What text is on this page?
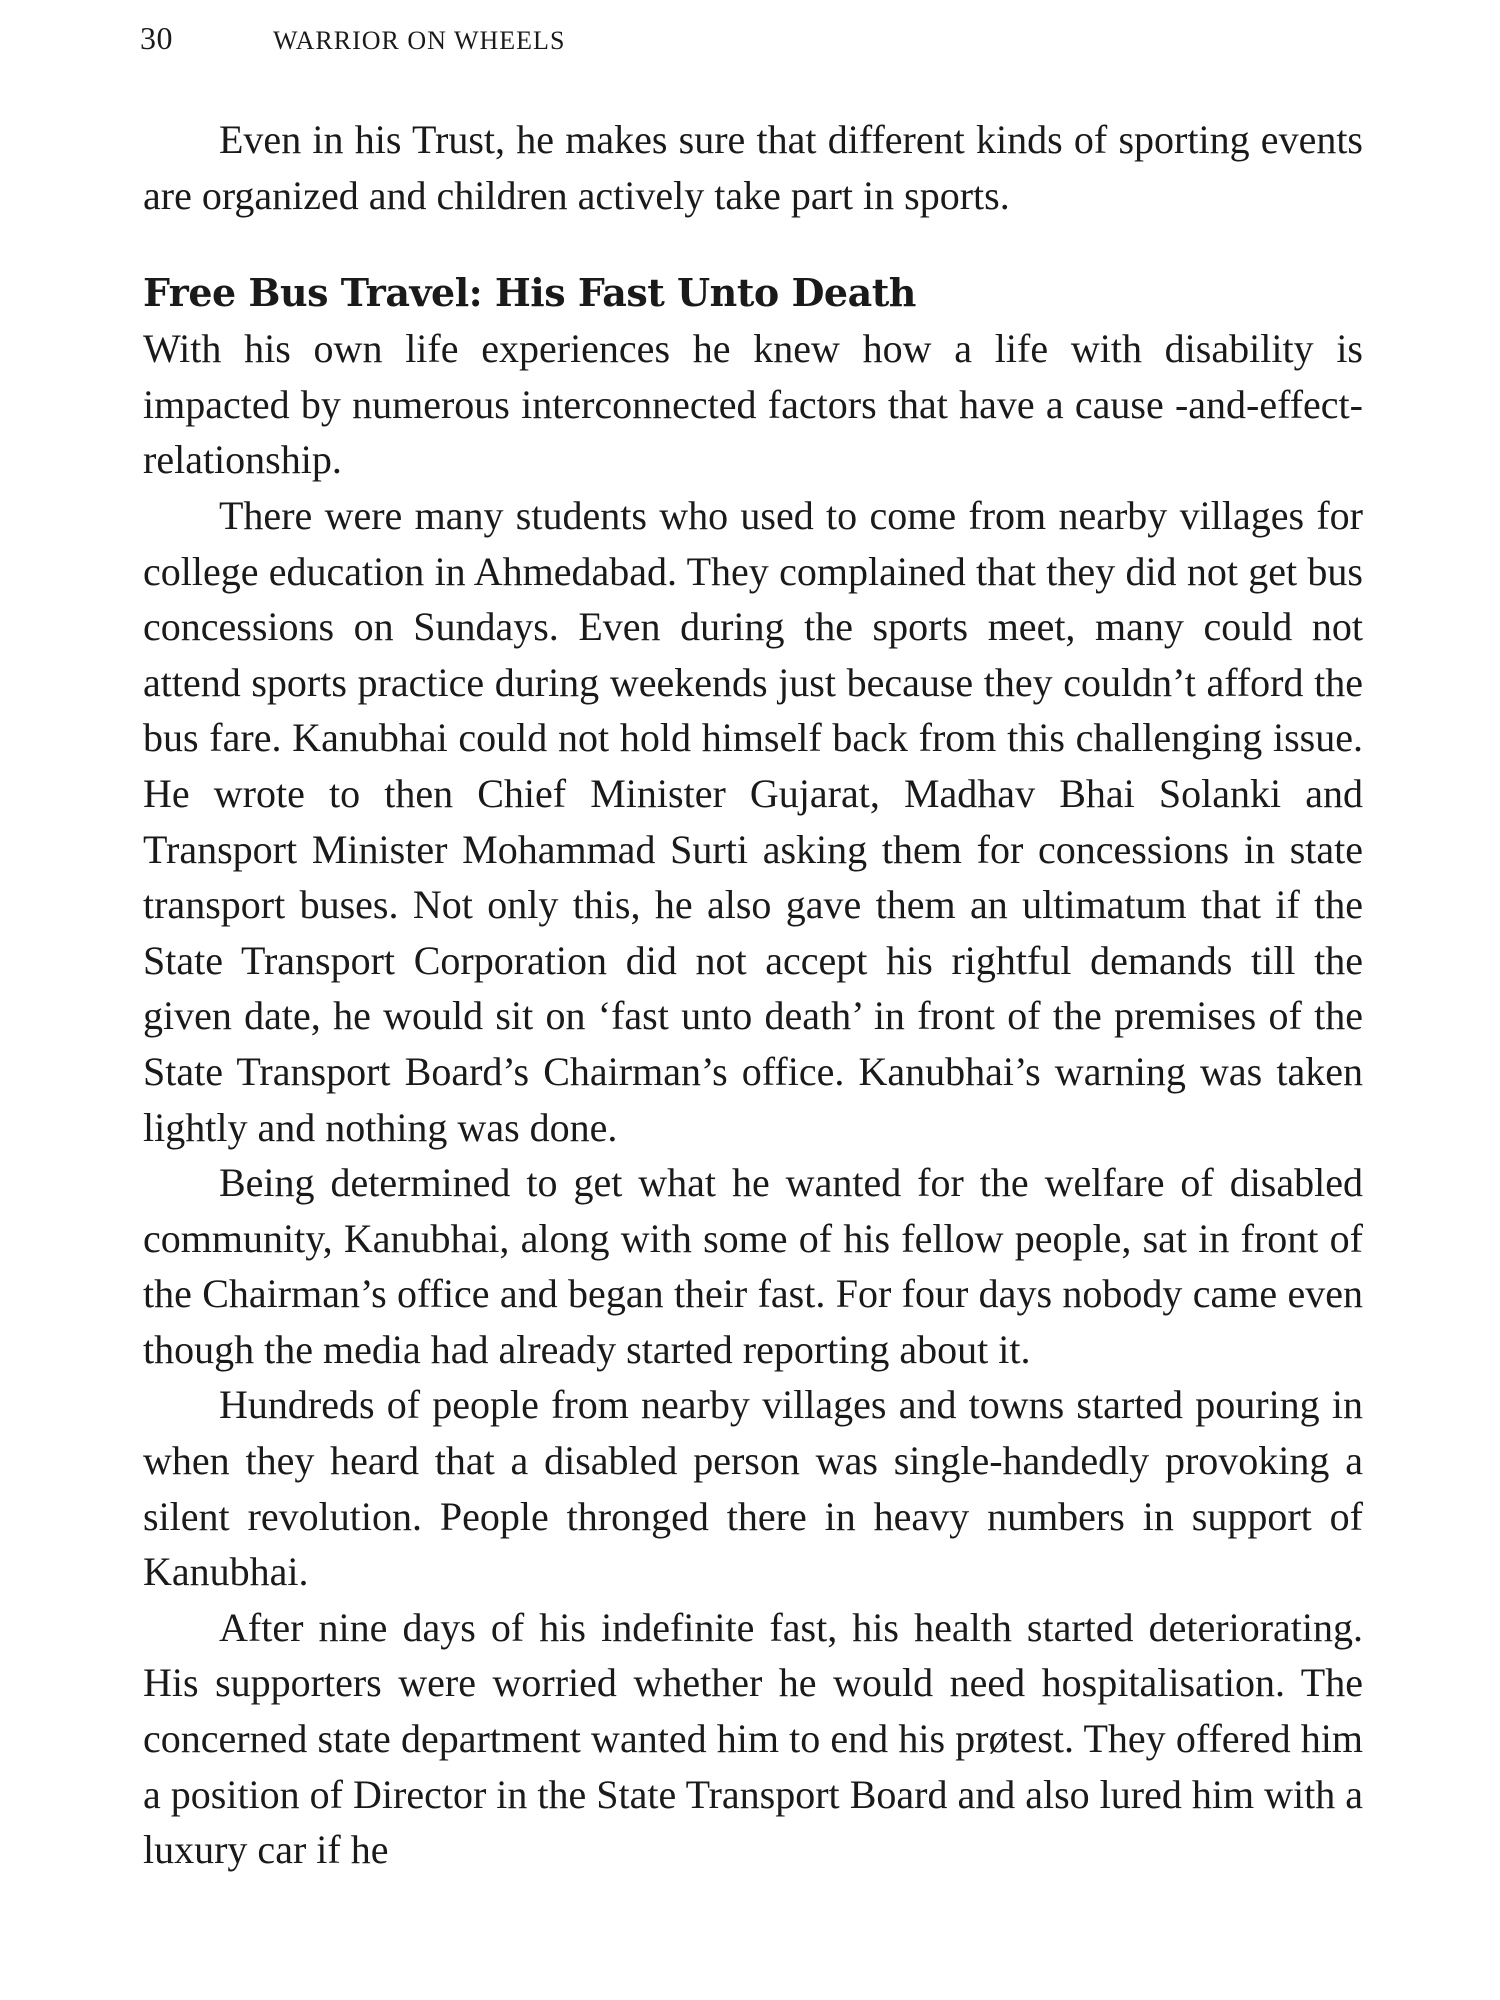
30	WARRIOR ON WHEELS

Even in his Trust, he makes sure that different kinds of sporting events are organized and children actively take part in sports.

Free Bus Travel: His Fast Unto Death

With his own life experiences he knew how a life with disability is impacted by numerous interconnected factors that have a cause -and-effect-relationship.

There were many students who used to come from nearby villages for college education in Ahmedabad. They complained that they did not get bus concessions on Sundays. Even during the sports meet, many could not attend sports practice during weekends just because they couldn’t afford the bus fare. Kanubhai could not hold himself back from this challenging issue. He wrote to then Chief Minister Gujarat, Madhav Bhai Solanki and Transport Minister Mohammad Surti asking them for concessions in state transport buses. Not only this, he also gave them an ultimatum that if the State Transport Corporation did not accept his rightful demands till the given date, he would sit on ‘fast unto death’ in front of the premises of the State Transport Board’s Chairman’s office. Kanubhai’s warning was taken lightly and nothing was done.

Being determined to get what he wanted for the welfare of disabled community, Kanubhai, along with some of his fellow people, sat in front of the Chairman’s office and began their fast. For four days nobody came even though the media had already started reporting about it.

Hundreds of people from nearby villages and towns started pouring in when they heard that a disabled person was single-handedly provoking a silent revolution. People thronged there in heavy numbers in support of Kanubhai.

After nine days of his indefinite fast, his health started deteriorating. His supporters were worried whether he would need hospitalisation. The concerned state department wanted him to end his prøtest. They offered him a position of Director in the State Transport Board and also lured him with a luxury car if he
